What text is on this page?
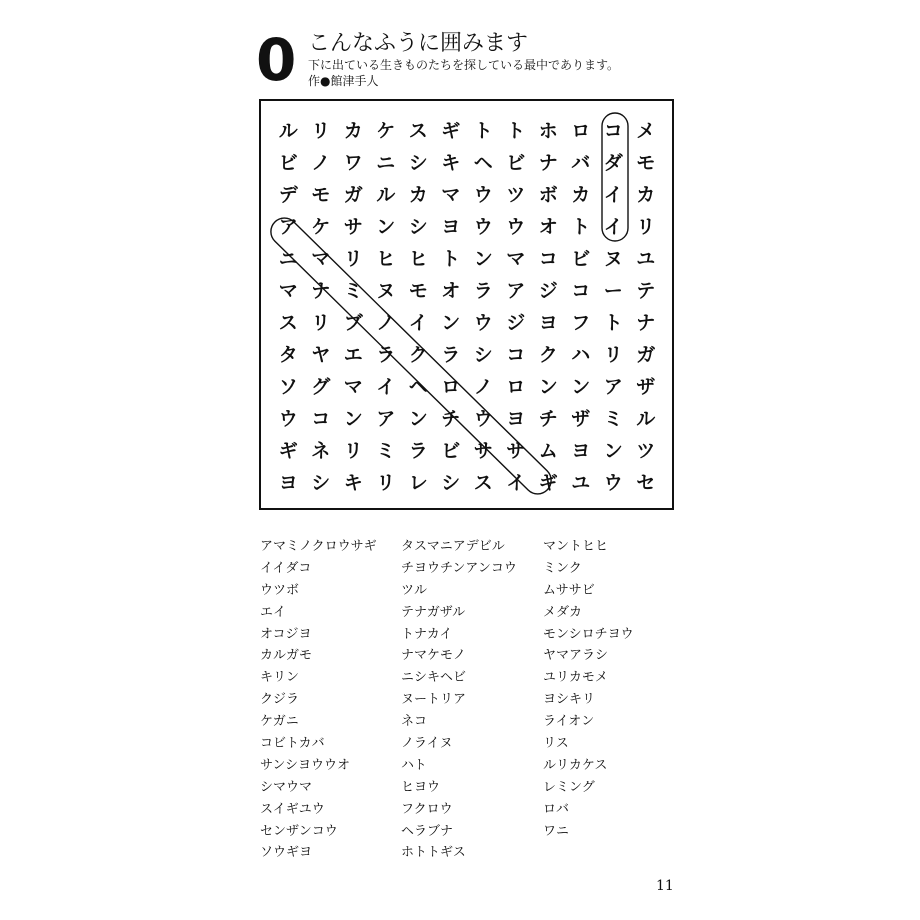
0 こんなふうに囲みます
下に出ている生きものたちを探している最中であります。
作●館津手人
ル リ カ ケ ス ギ ト ト ホ ロ コ メ
ビ ノ ワ ニ シ キ ヘ ビ ナ バ ダ モ
デ モ ガ ル カ マ ウ ツ ボ カ イ カ
ア ケ サ ン シ ヨ ウ ウ オ ト イ リ
ニ マ リ ヒ ヒ ト ン マ コ ビ ヌ ユ
マ ナ ミ ヌ モ オ ラ ア ジ コ ー テ
ス リ ブ ノ イ ン ウ ジ ヨ フ ト ナ
タ ヤ エ ラ ク ラ シ コ ク ハ リ ガ
ソ グ マ イ ヘ ロ ノ ロ ン ン ア ザ
ウ コ ン ア ン チ ウ ヨ チ ザ ミ ル
ギ ネ リ ミ ラ ビ サ サ ム ヨ ン ツ
ヨ シ キ リ レ シ ス イ ギ ユ ウ セ
アマミノクロウサギ
イイダコ
ウツボ
エイ
オコジヨ
カルガモ
キリン
クジラ
ケガニ
コビトカバ
サンシヨウウオ
シマウマ
スイギユウ
センザンコウ
ソウギヨ
タスマニアデビル
チヨウチンアンコウ
ツル
テナガザル
トナカイ
ナマケモノ
ニシキヘビ
ヌートリア
ネコ
ノライヌ
ハト
ヒヨウ
フクロウ
ヘラブナ
ホトトギス
マントヒヒ
ミンク
ムササビ
メダカ
モンシロチヨウ
ヤマアラシ
ユリカモメ
ヨシキリ
ライオン
リス
ルリカケス
レミング
ロバ
ワニ
11
